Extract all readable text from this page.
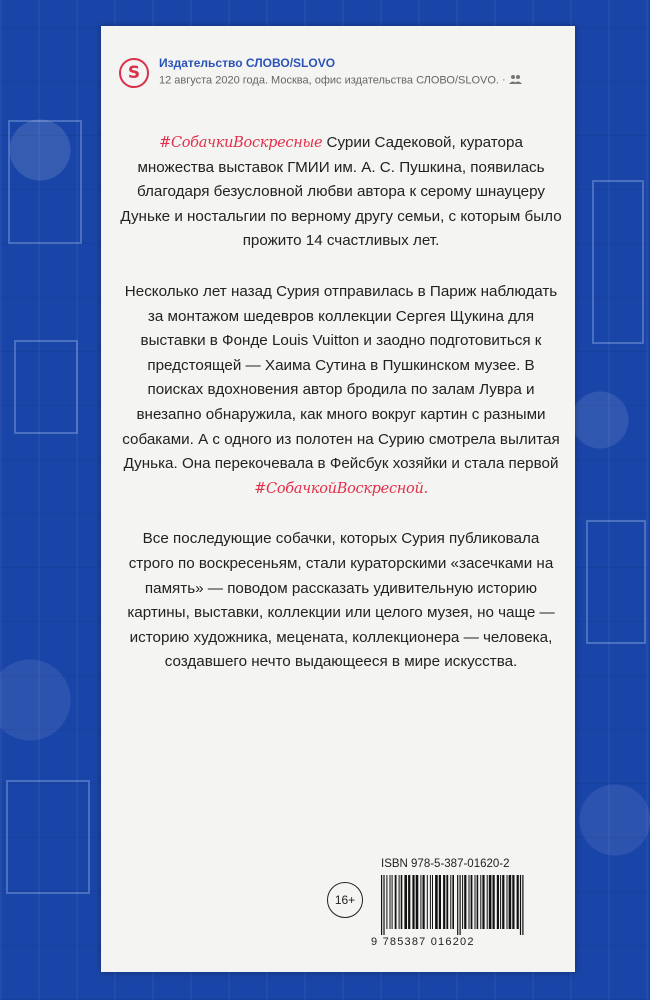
S Издательство СЛОВО/SLOVO
12 августа 2020 года. Москва, офис издательства СЛОВО/SLOVO. ·

#СобачкиВоскресные Сурии Садековой, куратора множества выставок ГМИИ им. А. С. Пушкина, появилась благодаря безусловной любви автора к серому шнауцеру Дуньке и ностальгии по верному другу семьи, с которым было прожито 14 счастливых лет.

Несколько лет назад Сурия отправилась в Париж наблюдать за монтажом шедевров коллекции Сергея Щукина для выставки в Фонде Louis Vuitton и заодно подготовиться к предстоящей — Хаима Сутина в Пушкинском музее. В поисках вдохновения автор бродила по залам Лувра и внезапно обнаружила, как много вокруг картин с разными собаками. А с одного из полотен на Сурию смотрела вылитая Дунька. Она перекочевала в Фейсбук хозяйки и стала первой #СобачкойВоскресной.

Все последующие собачки, которых Сурия публиковала строго по воскресеньям, стали кураторскими «засечками на память» — поводом рассказать удивительную историю картины, выставки, коллекции или целого музея, но чаще — историю художника, мецената, коллекционера — человека, создавшего нечто выдающееся в мире искусства.

ISBN 978-5-387-01620-2
16+
9 785387 016202
